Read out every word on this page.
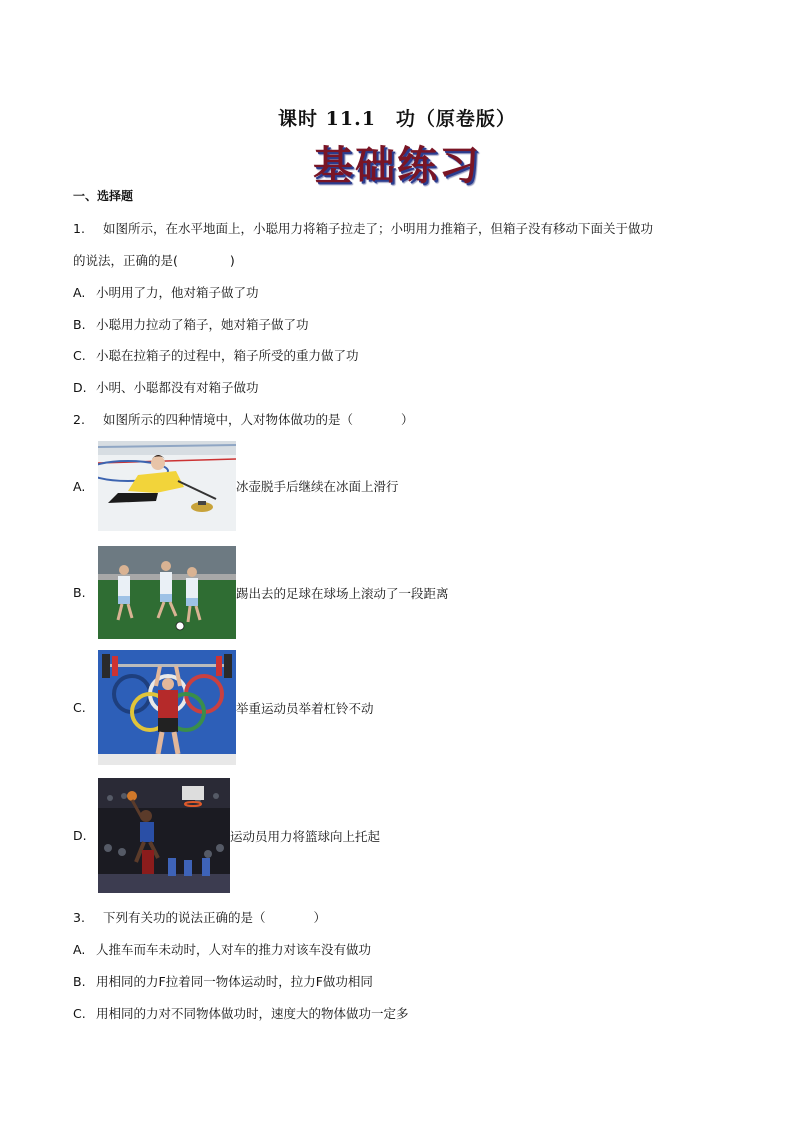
课时 11.1　功（原卷版）
基础练习
一、选择题
1. 如图所示，在水平地面上，小聪用力将箱子拉走了；小明用力推箱子，但箱子没有移动下面关于做功
的说法，正确的是(	)
A. 小明用了力，他对箱子做了功
B. 小聪用力拉动了箱子，她对箱子做了功
C. 小聪在拉箱子的过程中，箱子所受的重力做了功
D. 小明、小聪都没有对箱子做功
2. 如图所示的四种情境中，人对物体做功的是（	）
A.	冰壶脱手后继续在冰面上滑行
B.	踢出去的足球在球场上滚动了一段距离
C.	举重运动员举着杠铃不动
D.	运动员用力将篮球向上托起
3. 下列有关功的说法正确的是（	）
A. 人推车而车未动时，人对车的推力对该车没有做功
B. 用相同的力F拉着同一物体运动时，拉力F做功相同
C. 用相同的力对不同物体做功时，速度大的物体做功一定多
